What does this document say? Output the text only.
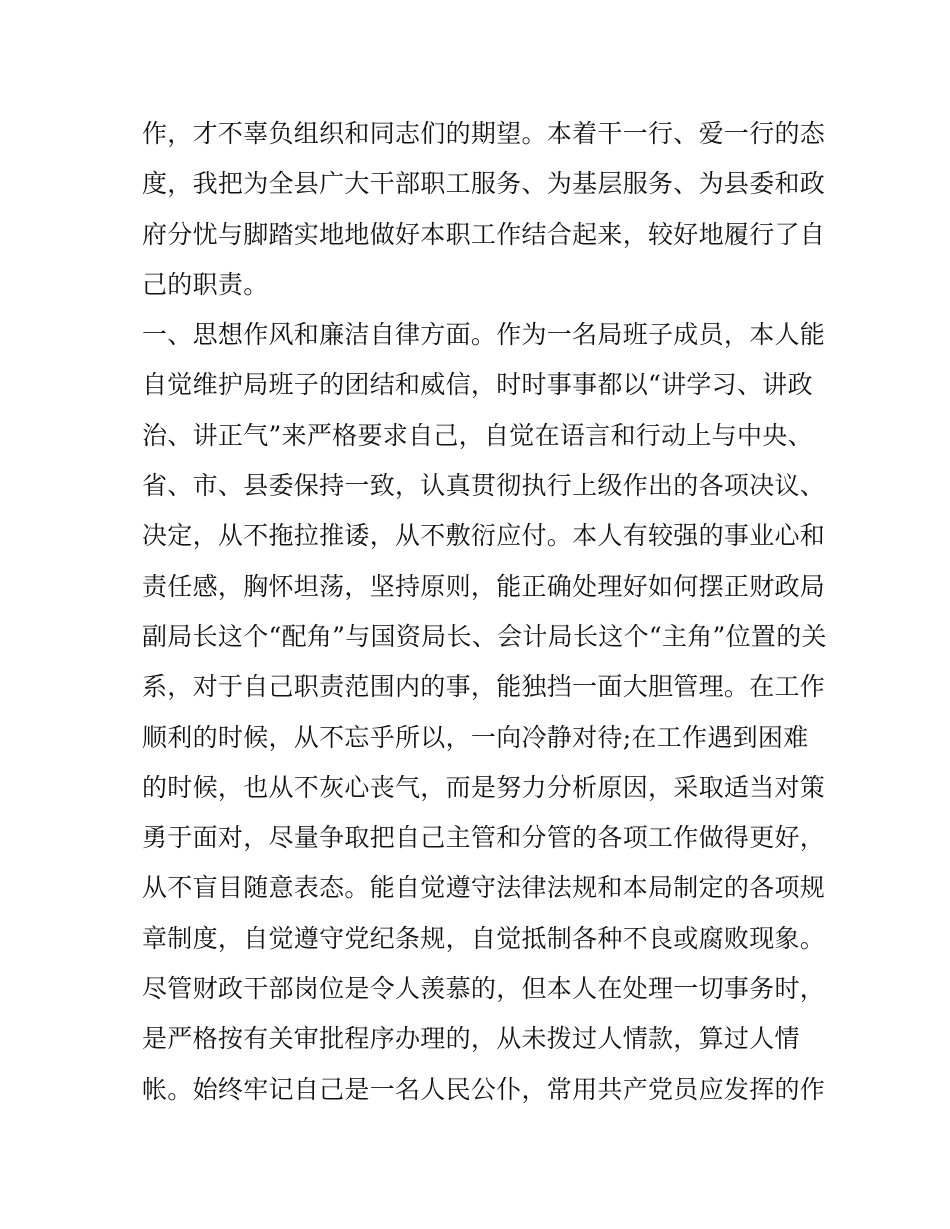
作，才不辜负组织和同志们的期望。本着干一行、爱一行的态
度，我把为全县广大干部职工服务、为基层服务、为县委和政
府分忧与脚踏实地地做好本职工作结合起来，较好地履行了自
己的职责。
一、思想作风和廉洁自律方面。作为一名局班子成员，本人能
自觉维护局班子的团结和威信，时时事事都以“讲学习、讲政
治、讲正气”来严格要求自己，自觉在语言和行动上与中央、
省、市、县委保持一致，认真贯彻执行上级作出的各项决议、
决定，从不拖拉推诿，从不敷衍应付。本人有较强的事业心和
责任感，胸怀坦荡，坚持原则，能正确处理好如何摆正财政局
副局长这个“配角”与国资局长、会计局长这个“主角”位置的关
系，对于自己职责范围内的事，能独挡一面大胆管理。在工作
顺利的时候，从不忘乎所以，一向冷静对待;在工作遇到困难
的时候，也从不灰心丧气，而是努力分析原因，采取适当对策
勇于面对，尽量争取把自己主管和分管的各项工作做得更好，
从不盲目随意表态。能自觉遵守法律法规和本局制定的各项规
章制度，自觉遵守党纪条规，自觉抵制各种不良或腐败现象。
尽管财政干部岗位是令人羡慕的，但本人在处理一切事务时，
是严格按有关审批程序办理的，从未拨过人情款，算过人情
帐。始终牢记自己是一名人民公仆，常用共产党员应发挥的作
